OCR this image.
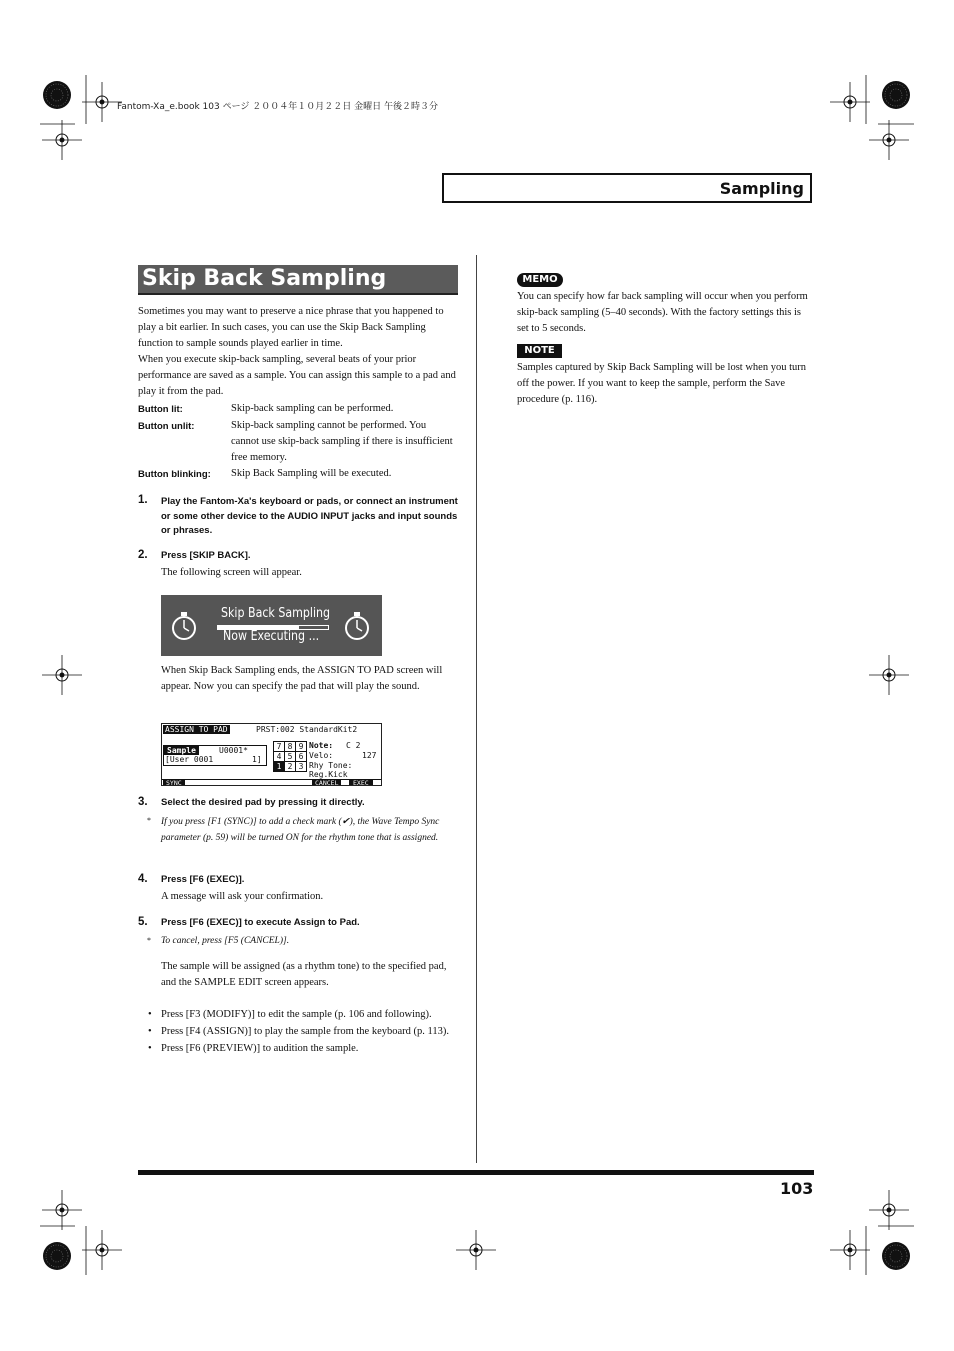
Fantom-Xa_e.book 103 ページ ２００４年１０月２２日 金曜日 午後２時３分
Sampling
Skip Back Sampling
Sometimes you may want to preserve a nice phrase that you happened to play a bit earlier. In such cases, you can use the Skip Back Sampling function to sample sounds played earlier in time.
When you execute skip-back sampling, several beats of your prior performance are saved as a sample. You can assign this sample to a pad and play it from the pad.
Button lit:	Skip-back sampling can be performed.
Button unlit:	Skip-back sampling cannot be performed. You cannot use skip-back sampling if there is insufficient free memory.
Button blinking: Skip Back Sampling will be executed.
1. Play the Fantom-Xa's keyboard or pads, or connect an instrument or some other device to the AUDIO INPUT jacks and input sounds or phrases.
2. Press [SKIP BACK].
The following screen will appear.
Skip Back Sampling
Now Executing ...
When Skip Back Sampling ends, the ASSIGN TO PAD screen will appear. Now you can specify the pad that will play the sound.
ASSIGN TO PAD	PRST:002 StandardKit2
Sample	U0001*
[User 0001	1]
7 8 9
4 5 6
1 2 3
Note: C 2
Velo:	127
Rhy Tone:
Reg.Kick
SYNC	CANCEL	EXEC
3. Select the desired pad by pressing it directly.
* If you press [F1 (SYNC)] to add a check mark (✔), the Wave Tempo Sync parameter (p. 59) will be turned ON for the rhythm tone that is assigned.
4. Press [F6 (EXEC)].
A message will ask your confirmation.
5. Press [F6 (EXEC)] to execute Assign to Pad.
* To cancel, press [F5 (CANCEL)].
The sample will be assigned (as a rhythm tone) to the specified pad, and the SAMPLE EDIT screen appears.
• Press [F3 (MODIFY)] to edit the sample (p. 106 and following).
• Press [F4 (ASSIGN)] to play the sample from the keyboard (p. 113).
• Press [F6 (PREVIEW)] to audition the sample.
MEMO
You can specify how far back sampling will occur when you perform skip-back sampling (5–40 seconds). With the factory settings this is set to 5 seconds.
NOTE
Samples captured by Skip Back Sampling will be lost when you turn off the power. If you want to keep the sample, perform the Save procedure (p. 116).
103
